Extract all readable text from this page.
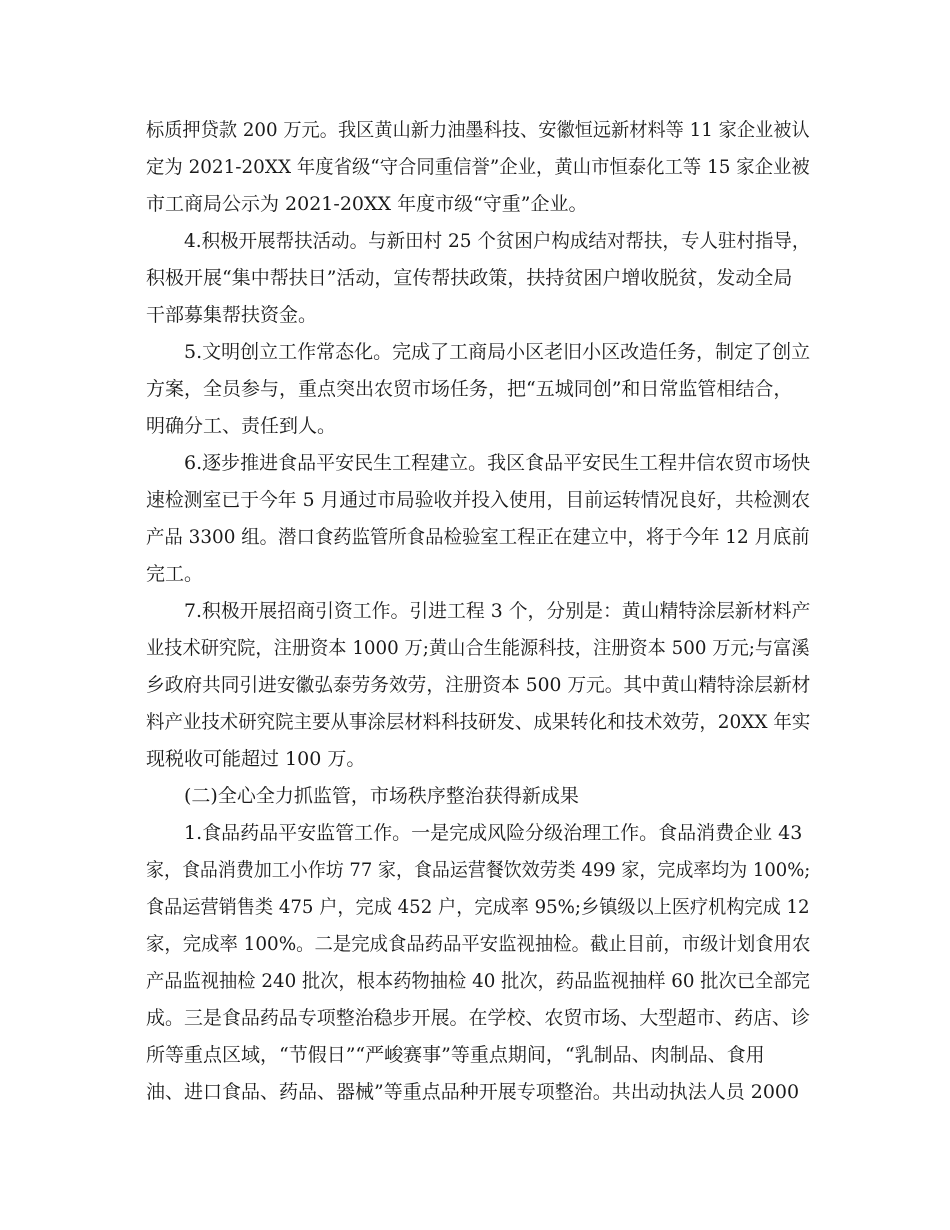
标质押贷款 200 万元。我区黄山新力油墨科技、安徽恒远新材料等 11 家企业被认
定为 2021-20XX 年度省级“守合同重信誉”企业，黄山市恒泰化工等 15 家企业被
市工商局公示为 2021-20XX 年度市级“守重”企业。
4.积极开展帮扶活动。与新田村 25 个贫困户构成结对帮扶，专人驻村指导，
积极开展“集中帮扶日”活动，宣传帮扶政策，扶持贫困户增收脱贫，发动全局
干部募集帮扶资金。
5.文明创立工作常态化。完成了工商局小区老旧小区改造任务，制定了创立
方案，全员参与，重点突出农贸市场任务，把“五城同创”和日常监管相结合，
明确分工、责任到人。
6.逐步推进食品平安民生工程建立。我区食品平安民生工程井信农贸市场快
速检测室已于今年 5 月通过市局验收并投入使用，目前运转情况良好，共检测农
产品 3300 组。潜口食药监管所食品检验室工程正在建立中，将于今年 12 月底前
完工。
7.积极开展招商引资工作。引进工程 3 个，分别是：黄山精特涂层新材料产
业技术研究院，注册资本 1000 万;黄山合生能源科技，注册资本 500 万元;与富溪
乡政府共同引进安徽弘泰劳务效劳，注册资本 500 万元。其中黄山精特涂层新材
料产业技术研究院主要从事涂层材料科技研发、成果转化和技术效劳，20XX 年实
现税收可能超过 100 万。
(二)全心全力抓监管，市场秩序整治获得新成果
1.食品药品平安监管工作。一是完成风险分级治理工作。食品消费企业 43
家，食品消费加工小作坊 77 家，食品运营餐饮效劳类 499 家，完成率均为 100%;
食品运营销售类 475 户，完成 452 户，完成率 95%;乡镇级以上医疗机构完成 12
家，完成率 100%。二是完成食品药品平安监视抽检。截止目前，市级计划食用农
产品监视抽检 240 批次，根本药物抽检 40 批次，药品监视抽样 60 批次已全部完
成。三是食品药品专项整治稳步开展。在学校、农贸市场、大型超市、药店、诊
所等重点区域，“节假日”“严峻赛事”等重点期间，“乳制品、肉制品、食用
油、进口食品、药品、器械”等重点品种开展专项整治。共出动执法人员 2000
